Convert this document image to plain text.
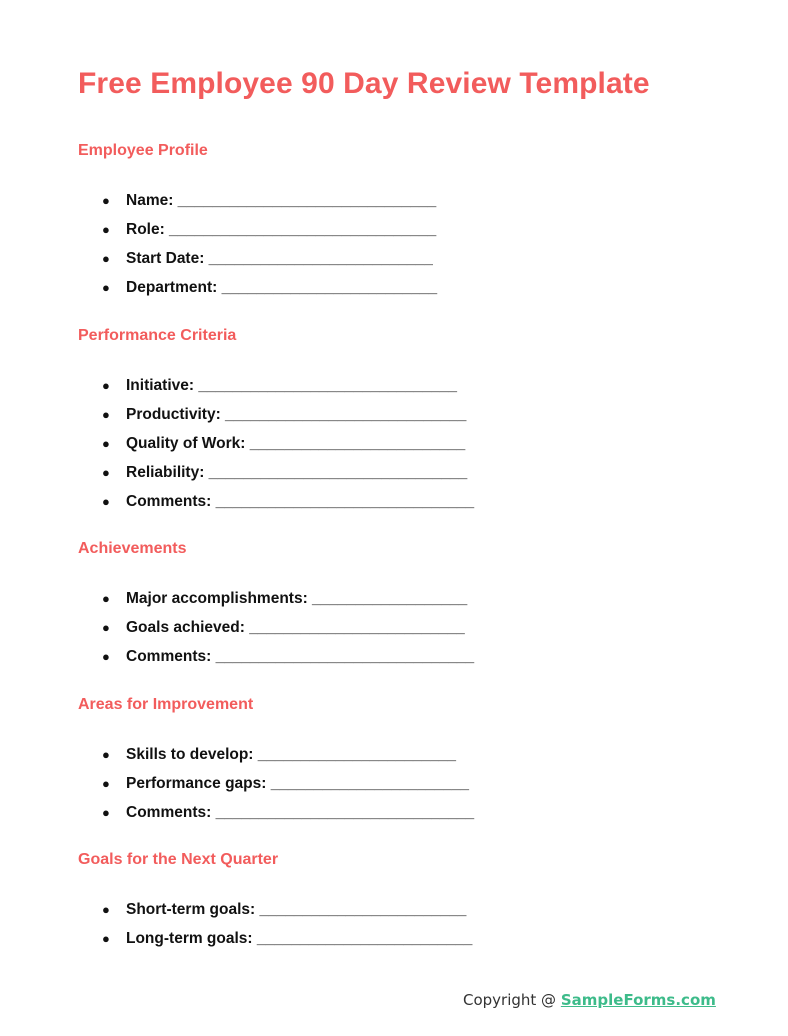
Free Employee 90 Day Review Template
Employee Profile
● Name: ______________________________
● Role: _______________________________
● Start Date: __________________________
● Department: _________________________
Performance Criteria
● Initiative: ______________________________
● Productivity: ____________________________
● Quality of Work: _________________________
● Reliability: ______________________________
● Comments: ______________________________
Achievements
● Major accomplishments: __________________
● Goals achieved: _________________________
● Comments: ______________________________
Areas for Improvement
● Skills to develop: _______________________
● Performance gaps: _______________________
● Comments: ______________________________
Goals for the Next Quarter
● Short-term goals: ________________________
● Long-term goals: _________________________
Copyright @ SampleForms.com
